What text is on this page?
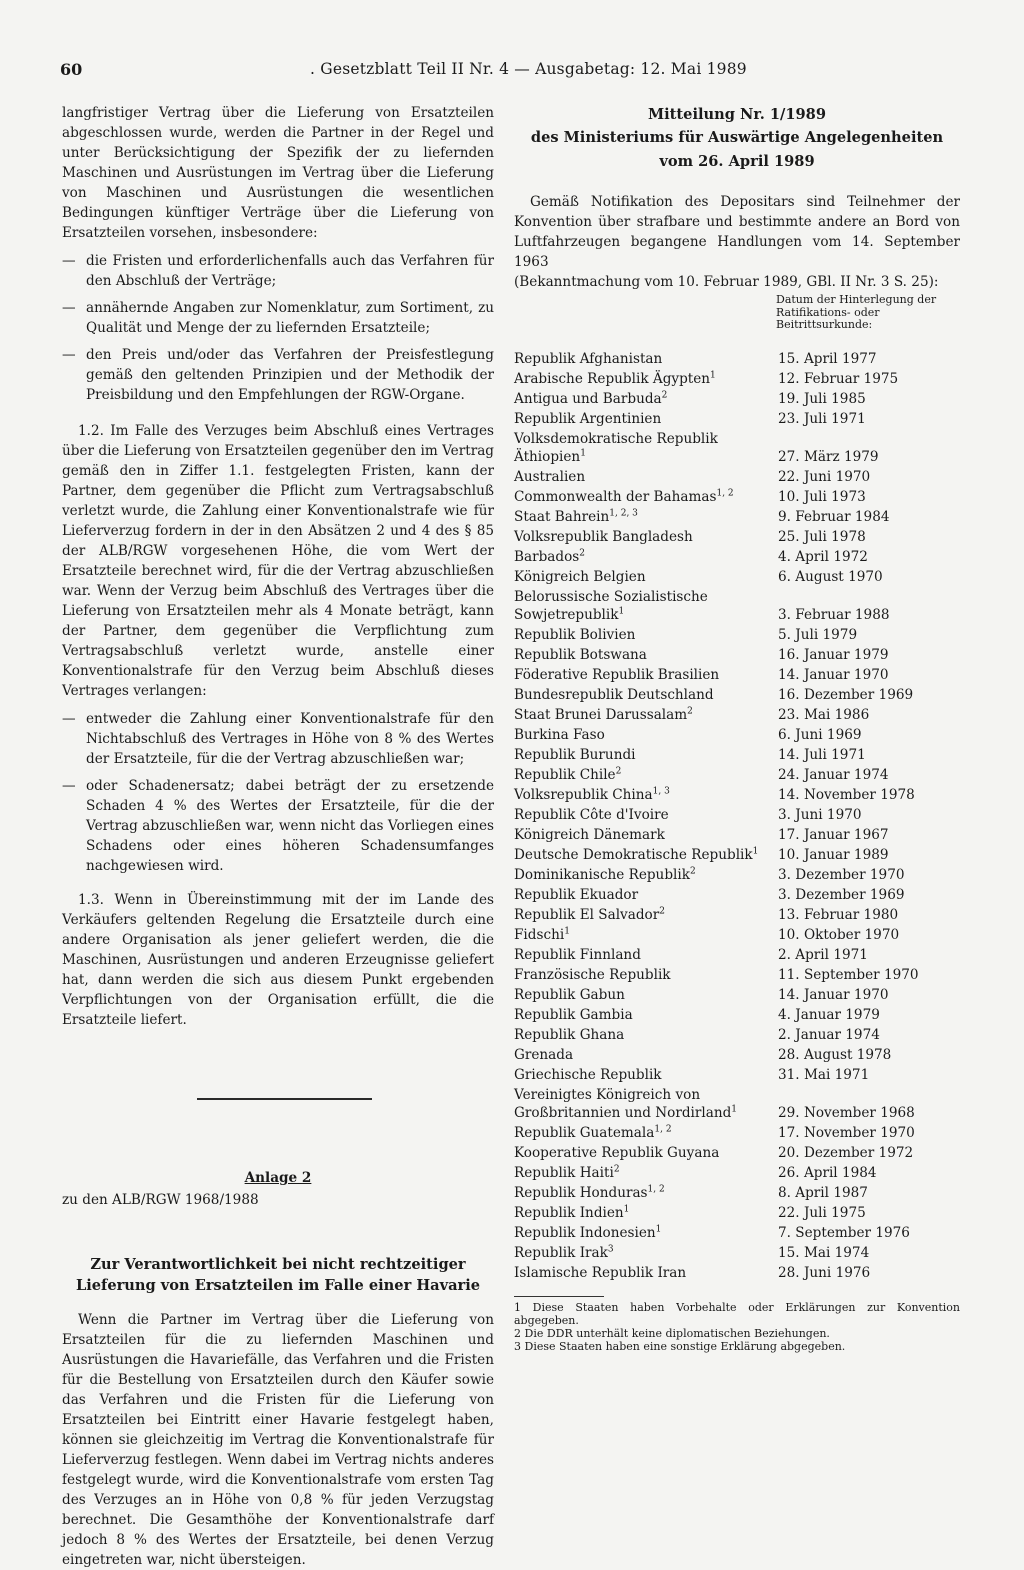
60	. Gesetzblatt Teil II Nr. 4 — Ausgabetag: 12. Mai 1989

langfristiger Vertrag über die Lieferung von Ersatzteilen abgeschlossen wurde, werden die Partner in der Regel und unter Berücksichtigung der Spezifik der zu liefernden Maschinen und Ausrüstungen im Vertrag über die Lieferung von Maschinen und Ausrüstungen die wesentlichen Bedingungen künftiger Verträge über die Lieferung von Ersatzteilen vorsehen, insbesondere:

— die Fristen und erforderlichenfalls auch das Verfahren für den Abschluß der Verträge;
— annähernde Angaben zur Nomenklatur, zum Sortiment, zu Qualität und Menge der zu liefernden Ersatzteile;
— den Preis und/oder das Verfahren der Preisfestlegung gemäß den geltenden Prinzipien und der Methodik der Preisbildung und den Empfehlungen der RGW-Organe.

1.2. Im Falle des Verzuges beim Abschluß eines Vertrages über die Lieferung von Ersatzteilen gegenüber den im Vertrag gemäß den in Ziffer 1.1. festgelegten Fristen, kann der Partner, dem gegenüber die Pflicht zum Vertragsabschluß verletzt wurde, die Zahlung einer Konventionalstrafe wie für Lieferverzug fordern in der in den Absätzen 2 und 4 des § 85 der ALB/RGW vorgesehenen Höhe, die vom Wert der Ersatzteile berechnet wird, für die der Vertrag abzuschließen war. Wenn der Verzug beim Abschluß des Vertrages über die Lieferung von Ersatzteilen mehr als 4 Monate beträgt, kann der Partner, dem gegenüber die Verpflichtung zum Vertragsabschluß verletzt wurde, anstelle einer Konventionalstrafe für den Verzug beim Abschluß dieses Vertrages verlangen:

— entweder die Zahlung einer Konventionalstrafe für den Nichtabschluß des Vertrages in Höhe von 8 % des Wertes der Ersatzteile, für die der Vertrag abzuschließen war;
— oder Schadenersatz; dabei beträgt der zu ersetzende Schaden 4 % des Wertes der Ersatzteile, für die der Vertrag abzuschließen war, wenn nicht das Vorliegen eines Schadens oder eines höheren Schadensumfanges nachgewiesen wird.

1.3. Wenn in Übereinstimmung mit der im Lande des Verkäufers geltenden Regelung die Ersatzteile durch eine andere Organisation als jener geliefert werden, die die Maschinen, Ausrüstungen und anderen Erzeugnisse geliefert hat, dann werden die sich aus diesem Punkt ergebenden Verpflichtungen von der Organisation erfüllt, die die Ersatzteile liefert.

Anlage 2
zu den ALB/RGW 1968/1988
Zur Verantwortlichkeit bei nicht rechtzeitiger
Lieferung von Ersatzteilen im Falle einer Havarie

Wenn die Partner im Vertrag über die Lieferung von Ersatzteilen für die zu liefernden Maschinen und Ausrüstungen die Havariefälle, das Verfahren und die Fristen für die Bestellung von Ersatzteilen durch den Käufer sowie das Verfahren und die Fristen für die Lieferung von Ersatzteilen bei Eintritt einer Havarie festgelegt haben, können sie gleichzeitig im Vertrag die Konventionalstrafe für Lieferverzug festlegen. Wenn dabei im Vertrag nichts anderes festgelegt wurde, wird die Konventionalstrafe vom ersten Tag des Verzuges an in Höhe von 0,8 % für jeden Verzugstag berechnet. Die Gesamthöhe der Konventionalstrafe darf jedoch 8 % des Wertes der Ersatzteile, bei denen Verzug eingetreten war, nicht übersteigen.

Mitteilung Nr. 1/1989
des Ministeriums für Auswärtige Angelegenheiten
vom 26. April 1989

Gemäß Notifikation des Depositars sind Teilnehmer der Konvention über strafbare und bestimmte andere an Bord von Luftfahrzeugen begangene Handlungen vom 14. September 1963

(Bekanntmachung vom 10. Februar 1989, GBl. II Nr. 3 S. 25):

Datum der Hinterlegung der Ratifikations- oder Beitrittsurkunde:
Republik Afghanistan	15. April 1977
Arabische Republik Ägypten$^1$	12. Februar 1975
Antigua und Barbuda$^2$	19. Juli 1985
Republik Argentinien	23. Juli 1971
Volksdemokratische Republik Äthiopien$^1$	27. März 1979
Australien	22. Juni 1970
Commonwealth der Bahamas$^{1, 2}$	10. Juli 1973
Staat Bahrein$^{1, 2, 3}$	9. Februar 1984
Volksrepublik Bangladesh	25. Juli 1978
Barbados$^2$	4. April 1972
Königreich Belgien	6. August 1970
Belorussische Sozialistische Sowjetrepublik$^1$	3. Februar 1988
Republik Bolivien	5. Juli 1979
Republik Botswana	16. Januar 1979
Föderative Republik Brasilien	14. Januar 1970
Bundesrepublik Deutschland	16. Dezember 1969
Staat Brunei Darussalam$^2$	23. Mai 1986
Burkina Faso	6. Juni 1969
Republik Burundi	14. Juli 1971
Republik Chile$^2$	24. Januar 1974
Volksrepublik China$^{1, 3}$	14. November 1978
Republik Côte d'Ivoire	3. Juni 1970
Königreich Dänemark	17. Januar 1967
Deutsche Demokratische Republik$^1$	10. Januar 1989
Dominikanische Republik$^2$	3. Dezember 1970
Republik Ekuador	3. Dezember 1969
Republik El Salvador$^2$	13. Februar 1980
Fidschi$^1$	10. Oktober 1970
Republik Finnland	2. April 1971
Französische Republik	11. September 1970
Republik Gabun	14. Januar 1970
Republik Gambia	4. Januar 1979
Republik Ghana	2. Januar 1974
Grenada	28. August 1978
Griechische Republik	31. Mai 1971
Vereinigtes Königreich von Großbritannien und Nordirland$^1$	29. November 1968
Republik Guatemala$^{1, 2}$	17. November 1970
Kooperative Republik Guyana	20. Dezember 1972
Republik Haiti$^2$	26. April 1984
Republik Honduras$^{1, 2}$	8. April 1987
Republik Indien$^1$	22. Juli 1975
Republik Indonesien$^1$	7. September 1976
Republik Irak$^3$	15. Mai 1974
Islamische Republik Iran	28. Juni 1976
1 Diese Staaten haben Vorbehalte oder Erklärungen zur Konvention abgegeben.
2 Die DDR unterhält keine diplomatischen Beziehungen.
3 Diese Staaten haben eine sonstige Erklärung abgegeben.
